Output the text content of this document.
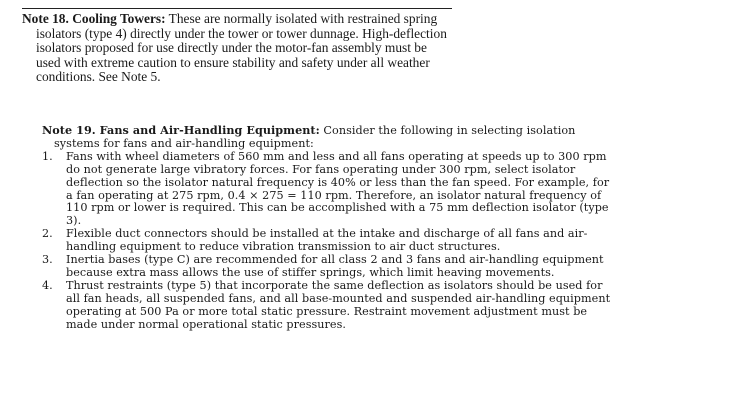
Note 18. Cooling Towers: These are normally isolated with restrained spring isolators (type 4) directly under the tower or tower dunnage. High-deflection isolators proposed for use directly under the motor-fan assembly must be used with extreme caution to ensure stability and safety under all weather conditions. See Note 5.

Note 19. Fans and Air-Handling Equipment: Consider the following in selecting isolation systems for fans and air-handling equipment:

1. Fans with wheel diameters of 560 mm and less and all fans operating at speeds up to 300 rpm do not generate large vibratory forces. For fans operating under 300 rpm, select isolator deflection so the isolator natural frequency is 40% or less than the fan speed. For example, for a fan operating at 275 rpm, 0.4 × 275 = 110 rpm. Therefore, an isolator natural frequency of 110 rpm or lower is required. This can be accomplished with a 75 mm deflection isolator (type 3).
2. Flexible duct connectors should be installed at the intake and discharge of all fans and air-handling equipment to reduce vibration transmission to air duct structures.
3. Inertia bases (type C) are recommended for all class 2 and 3 fans and air-handling equipment because extra mass allows the use of stiffer springs, which limit heaving movements.
4. Thrust restraints (type 5) that incorporate the same deflection as isolators should be used for all fan heads, all suspended fans, and all base-mounted and suspended air-handling equipment operating at 500 Pa or more total static pressure. Restraint movement adjustment must be made under normal operational static pressures.
